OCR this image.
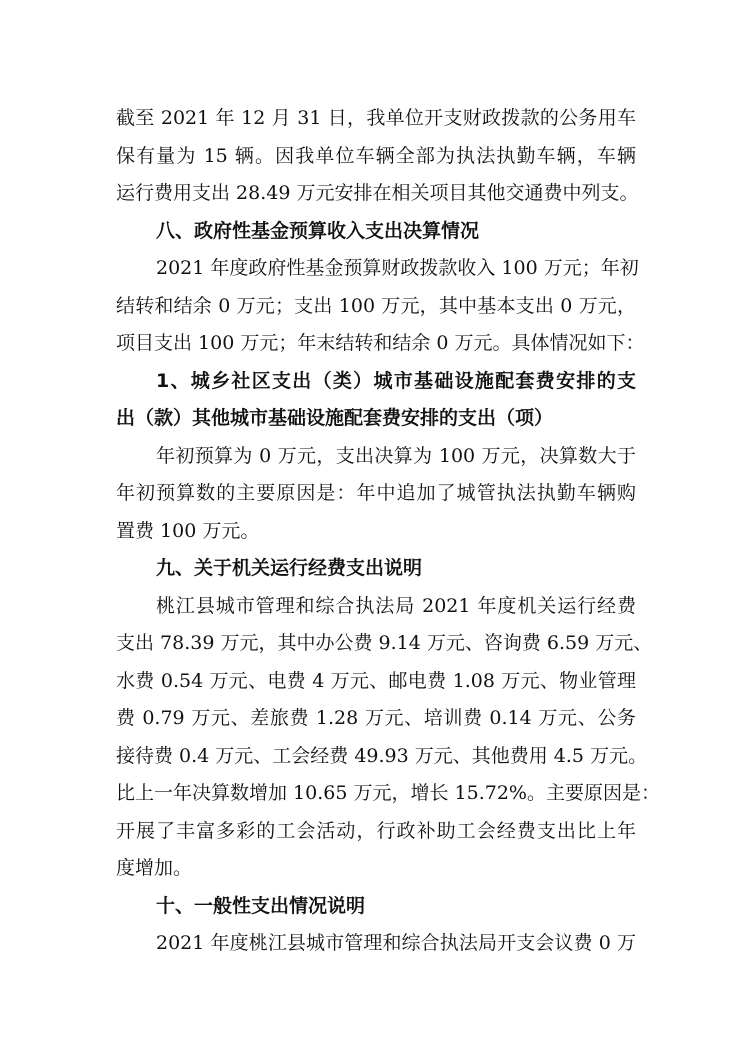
截至 2021 年 12 月 31 日，我单位开支财政拨款的公务用车
保有量为 15 辆。因我单位车辆全部为执法执勤车辆，车辆
运行费用支出 28.49 万元安排在相关项目其他交通费中列支。
八、政府性基金预算收入支出决算情况
2021 年度政府性基金预算财政拨款收入 100 万元；年初
结转和结余 0 万元；支出 100 万元，其中基本支出 0 万元，
项目支出 100 万元；年末结转和结余 0 万元。具体情况如下：
1、城乡社区支出（类）城市基础设施配套费安排的支
出（款）其他城市基础设施配套费安排的支出（项）
年初预算为 0 万元，支出决算为 100 万元，决算数大于
年初预算数的主要原因是：年中追加了城管执法执勤车辆购
置费 100 万元。
九、关于机关运行经费支出说明
桃江县城市管理和综合执法局 2021 年度机关运行经费
支出 78.39 万元，其中办公费 9.14 万元、咨询费 6.59 万元、
水费 0.54 万元、电费 4 万元、邮电费 1.08 万元、物业管理
费 0.79 万元、差旅费 1.28 万元、培训费 0.14 万元、公务
接待费 0.4 万元、工会经费 49.93 万元、其他费用 4.5 万元。
比上一年决算数增加 10.65 万元，增长 15.72%。主要原因是：
开展了丰富多彩的工会活动，行政补助工会经费支出比上年
度增加。
十、一般性支出情况说明
2021 年度桃江县城市管理和综合执法局开支会议费 0 万
